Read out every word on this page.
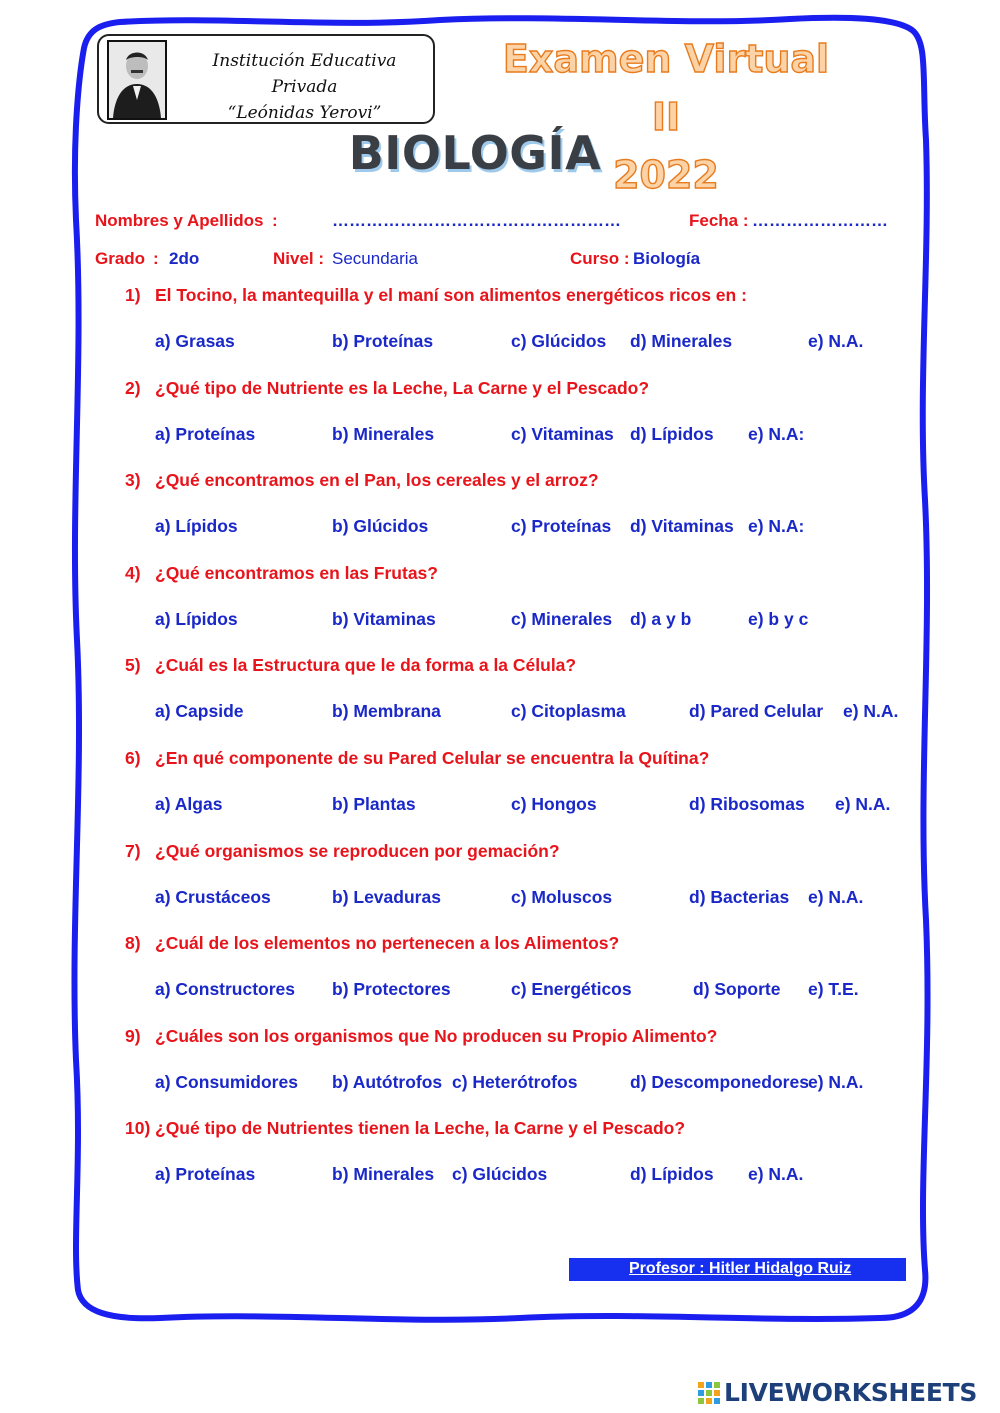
Institución Educativa Privada
“Leónidas Yerovi”
Examen Virtual II
2022
BIOLOGÍA
Nombres y Apellidos :	……………………………………………	Fecha : ……………………
Grado : 2do	Nivel : Secundaria	Curso : Biología
1) El Tocino, la mantequilla y el maní son alimentos energéticos ricos en :
a) Grasas	b) Proteínas	c) Glúcidos d) Minerales	e) N.A.
2) ¿Qué tipo de Nutriente es la Leche, La Carne y el Pescado?
a) Proteínas	b) Minerales	c) Vitaminas d) Lípidos e) N.A:
3) ¿Qué encontramos en el Pan, los cereales y el arroz?
a) Lípidos	b) Glúcidos	c) Proteínas d) Vitaminas e) N.A:
4) ¿Qué encontramos en las Frutas?
a) Lípidos	b) Vitaminas	c) Minerales d) a y b	e) b y c
5) ¿Cuál es la Estructura que le da forma a la Célula?
a) Capside	b) Membrana	c) Citoplasma	d) Pared Celular e) N.A.
6) ¿En qué componente de su Pared Celular se encuentra la Quítina?
a) Algas	b) Plantas	c) Hongos	d) Ribosomas e) N.A.
7) ¿Qué organismos se reproducen por gemación?
a) Crustáceos	b) Levaduras	c) Moluscos	d) Bacterias e) N.A.
8) ¿Cuál de los elementos no pertenecen a los Alimentos?
a) Constructores b) Protectores	c) Energéticos	d) Soporte e) T.E.
9) ¿Cuáles son los organismos que No producen su Propio Alimento?
a) Consumidores b) Autótrofos c) Heterótrofos	d) Descomponedores e) N.A.
10) ¿Qué tipo de Nutrientes tienen la Leche, la Carne y el Pescado?
a) Proteínas	b) Minerales c) Glúcidos	d) Lípidos e) N.A.
Profesor : Hitler Hidalgo Ruiz
LIVEWORKSHEETS
